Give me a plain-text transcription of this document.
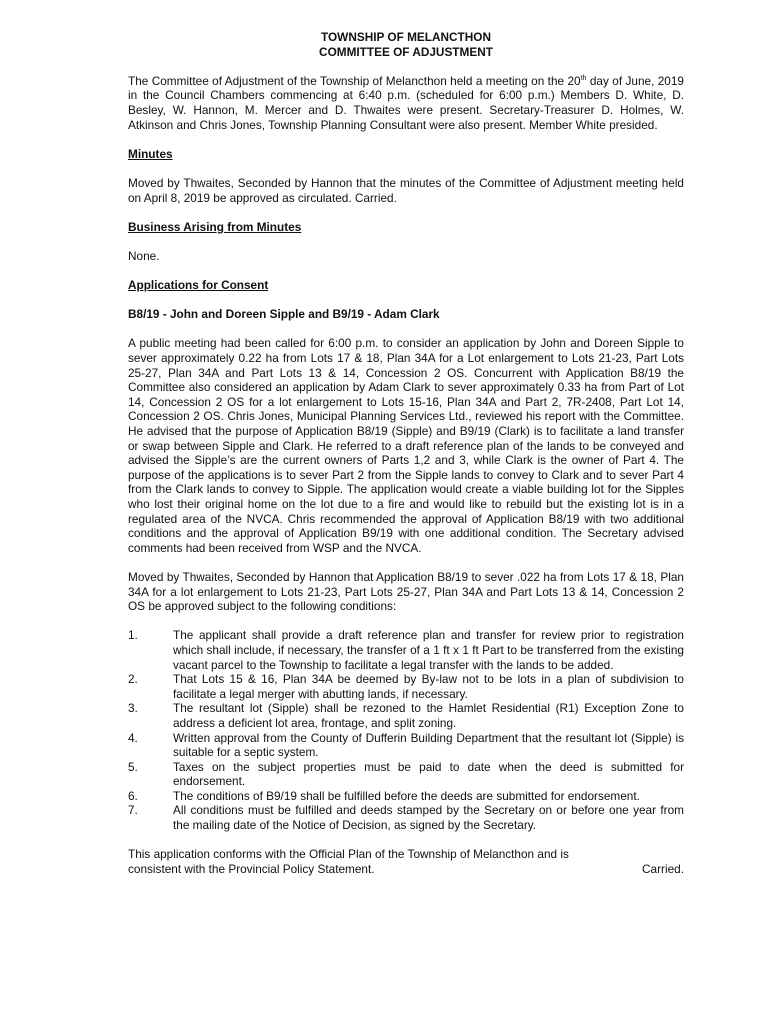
TOWNSHIP OF MELANCTHON
COMMITTEE OF ADJUSTMENT

The Committee of Adjustment of the Township of Melancthon held a meeting on the 20th day of June, 2019 in the Council Chambers commencing at 6:40 p.m. (scheduled for 6:00 p.m.) Members D. White, D. Besley, W. Hannon, M. Mercer and D. Thwaites were present. Secretary-Treasurer D. Holmes, W. Atkinson and Chris Jones, Township Planning Consultant were also present. Member White presided.

Minutes

Moved by Thwaites, Seconded by Hannon that the minutes of the Committee of Adjustment meeting held on April 8, 2019 be approved as circulated. Carried.

Business Arising from Minutes

None.

Applications for Consent
B8/19 - John and Doreen Sipple and B9/19 - Adam Clark

A public meeting had been called for 6:00 p.m. to consider an application by John and Doreen Sipple to sever approximately 0.22 ha from Lots 17 & 18, Plan 34A for a Lot enlargement to Lots 21-23, Part Lots 25-27, Plan 34A and Part Lots 13 & 14, Concession 2 OS. Concurrent with Application B8/19 the Committee also considered an application by Adam Clark to sever approximately 0.33 ha from Part of Lot 14, Concession 2 OS for a lot enlargement to Lots 15-16, Plan 34A and Part 2, 7R-2408, Part Lot 14, Concession 2 OS. Chris Jones, Municipal Planning Services Ltd., reviewed his report with the Committee. He advised that the purpose of Application B8/19 (Sipple) and B9/19 (Clark) is to facilitate a land transfer or swap between Sipple and Clark. He referred to a draft reference plan of the lands to be conveyed and advised the Sipple’s are the current owners of Parts 1,2 and 3, while Clark is the owner of Part 4. The purpose of the applications is to sever Part 2 from the Sipple lands to convey to Clark and to sever Part 4 from the Clark lands to convey to Sipple. The application would create a viable building lot for the Sipples who lost their original home on the lot due to a fire and would like to rebuild but the existing lot is in a regulated area of the NVCA. Chris recommended the approval of Application B8/19 with two additional conditions and the approval of Application B9/19 with one additional condition. The Secretary advised comments had been received from WSP and the NVCA.

Moved by Thwaites, Seconded by Hannon that Application B8/19 to sever .022 ha from Lots 17 & 18, Plan 34A for a lot enlargement to Lots 21-23, Part Lots 25-27, Plan 34A and Part Lots 13 & 14, Concession 2 OS be approved subject to the following conditions:

1.	The applicant shall provide a draft reference plan and transfer for review prior to registration which shall include, if necessary, the transfer of a 1 ft x 1 ft Part to be transferred from the existing vacant parcel to the Township to facilitate a legal transfer with the lands to be added.
2.	That Lots 15 & 16, Plan 34A be deemed by By-law not to be lots in a plan of subdivision to facilitate a legal merger with abutting lands, if necessary.
3.	The resultant lot (Sipple) shall be rezoned to the Hamlet Residential (R1) Exception Zone to address a deficient lot area, frontage, and split zoning.
4.	Written approval from the County of Dufferin Building Department that the resultant lot (Sipple) is suitable for a septic system.
5.	Taxes on the subject properties must be paid to date when the deed is submitted for endorsement.
6.	The conditions of B9/19 shall be fulfilled before the deeds are submitted for endorsement.
7.	All conditions must be fulfilled and deeds stamped by the Secretary on or before one year from the mailing date of the Notice of Decision, as signed by the Secretary.
This application conforms with the Official Plan of the Township of Melancthon and is
consistent with the Provincial Policy Statement.	Carried.
